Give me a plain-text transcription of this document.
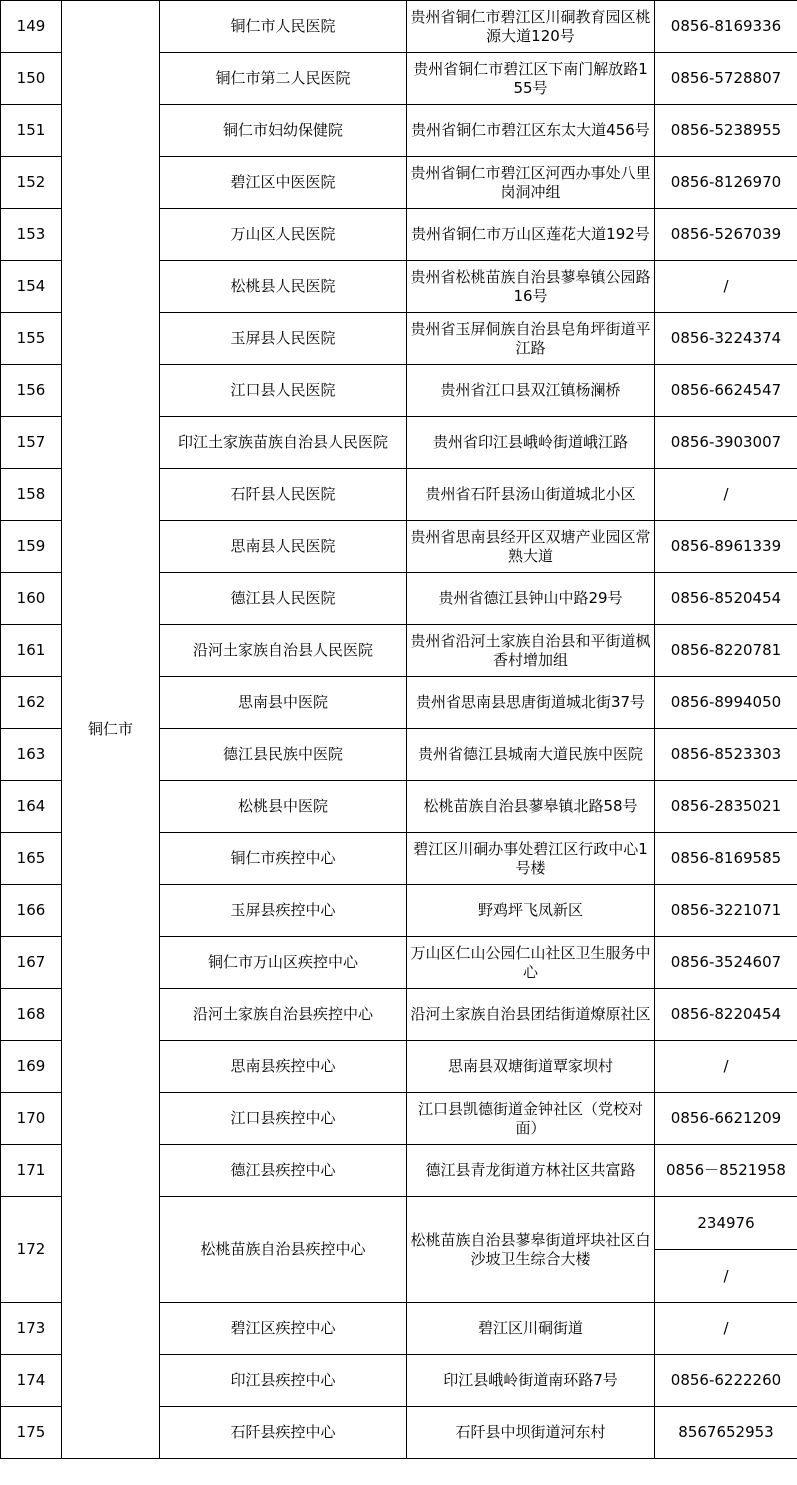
149	铜仁市	铜仁市人民医院	贵州省铜仁市碧江区川硐教育园区桃源大道120号	0856-8169336
150		铜仁市第二人民医院	贵州省铜仁市碧江区下南门解放路155号	0856-5728807
151		铜仁市妇幼保健院	贵州省铜仁市碧江区东太大道456号	0856-5238955
152		碧江区中医医院	贵州省铜仁市碧江区河西办事处八里岗洞冲组	0856-8126970
153		万山区人民医院	贵州省铜仁市万山区莲花大道192号	0856-5267039
154		松桃县人民医院	贵州省松桃苗族自治县蓼皋镇公园路16号	/
155		玉屏县人民医院	贵州省玉屏侗族自治县皂角坪街道平江路	0856-3224374
156		江口县人民医院	贵州省江口县双江镇杨澜桥	0856-6624547
157		印江土家族苗族自治县人民医院	贵州省印江县峨岭街道峨江路	0856-3903007
158		石阡县人民医院	贵州省石阡县汤山街道城北小区	/
159		思南县人民医院	贵州省思南县经开区双塘产业园区常熟大道	0856-8961339
160		德江县人民医院	贵州省德江县钟山中路29号	0856-8520454
161		沿河土家族自治县人民医院	贵州省沿河土家族自治县和平街道枫香村增加组	0856-8220781
162		思南县中医院	贵州省思南县思唐街道城北街37号	0856-8994050
163		德江县民族中医院	贵州省德江县城南大道民族中医院	0856-8523303
164		松桃县中医院	松桃苗族自治县蓼皋镇北路58号	0856-2835021
165		铜仁市疾控中心	碧江区川硐办事处碧江区行政中心1号楼	0856-8169585
166		玉屏县疾控中心	野鸡坪飞凤新区	0856-3221071
167		铜仁市万山区疾控中心	万山区仁山公园仁山社区卫生服务中心	0856-3524607
168		沿河土家族自治县疾控中心	沿河土家族自治县团结街道燎原社区	0856-8220454
169		思南县疾控中心	思南县双塘街道覃家坝村	/
170		江口县疾控中心	江口县凯德街道金钟社区（党校对面）	0856-6621209
171		德江县疾控中心	德江县青龙街道方林社区共富路	0856－8521958
172		松桃苗族自治县疾控中心	松桃苗族自治县蓼皋街道坪块社区白沙坡卫生综合大楼	234976
				/
173		碧江区疾控中心	碧江区川硐街道	/
174		印江县疾控中心	印江县峨岭街道南环路7号	0856-6222260
175		石阡县疾控中心	石阡县中坝街道河东村	8567652953
